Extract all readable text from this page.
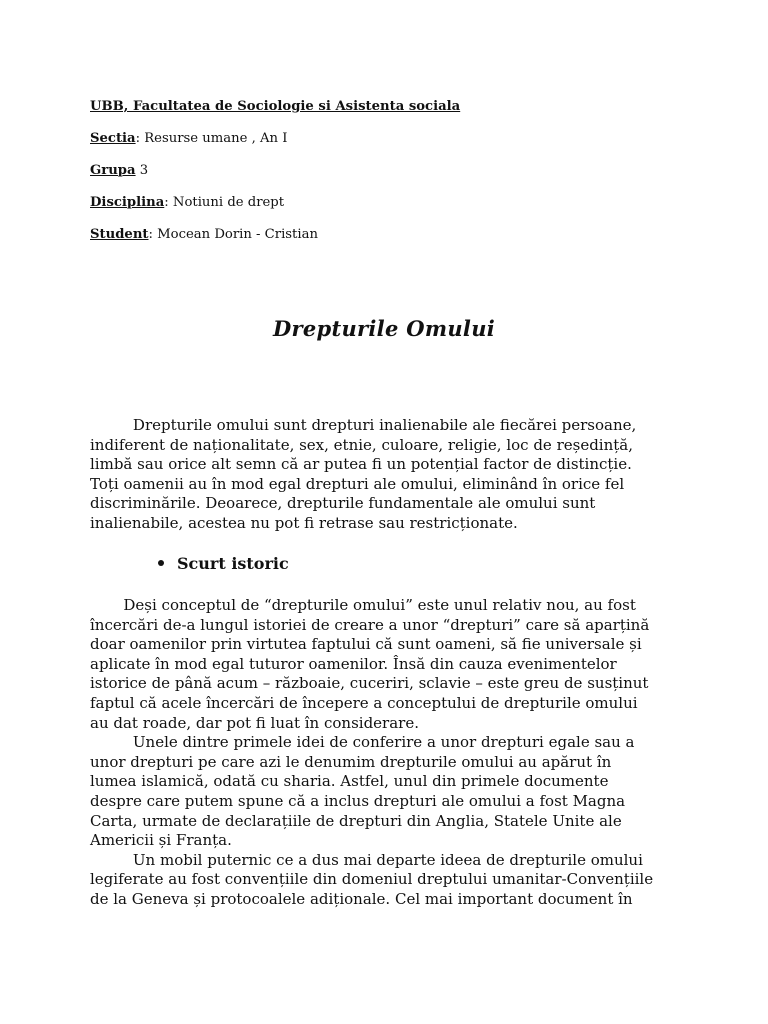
UBB, Facultatea de Sociologie si Asistenta sociala
Sectia: Resurse umane , An I
Grupa 3
Disciplina: Notiuni de drept
Student: Mocean Dorin - Cristian
Drepturile Omului
Drepturile omului sunt drepturi inalienabile ale fiecărei persoane,
indiferent de naționalitate, sex, etnie, culoare, religie, loc de reședință,
limbă sau orice alt semn că ar putea fi un potențial factor de distincție.
Toți oamenii au în mod egal drepturi ale omului, eliminând în orice fel
discriminările. Deoarece, drepturile fundamentale ale omului sunt
inalienabile, acestea nu pot fi retrase sau restricționate.
Scurt istoric
Deși conceptul de “drepturile omului” este unul relativ nou, au fost
încercări de-a lungul istoriei de creare a unor “drepturi” care să aparțină
doar oamenilor prin virtutea faptului că sunt oameni, să fie universale și
aplicate în mod egal tuturor oamenilor. Însă din cauza evenimentelor
istorice de până acum – războaie, cuceriri, sclavie – este greu de susținut
faptul că acele încercări de începere a conceptului de drepturile omului
au dat roade, dar pot fi luat în considerare.
Unele dintre primele idei de conferire a unor drepturi egale sau a
unor drepturi pe care azi le denumim drepturile omului au apărut în
lumea islamică, odată cu sharia. Astfel, unul din primele documente
despre care putem spune că a inclus drepturi ale omului a fost Magna
Carta, urmate de declarațiile de drepturi din Anglia, Statele Unite ale
Americii și Franța.
Un mobil puternic ce a dus mai departe ideea de drepturile omului
legiferate au fost convențiile din domeniul dreptului umanitar-Convențiile
de la Geneva și protocoalele adiționale. Cel mai important document în
